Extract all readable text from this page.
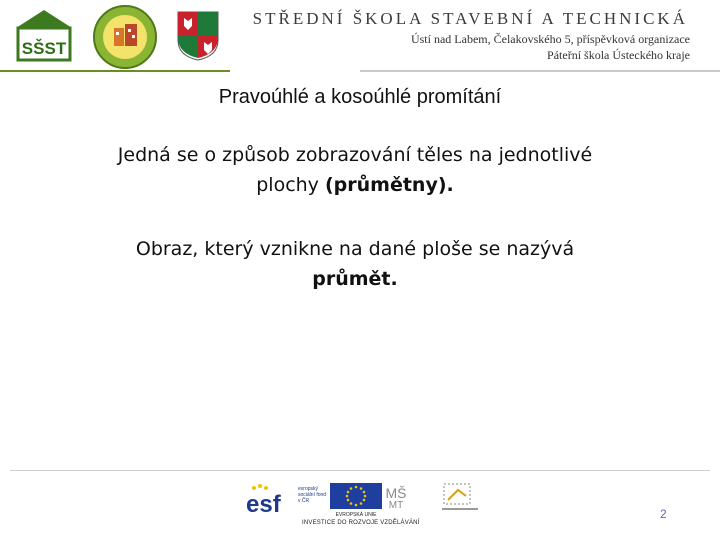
SŠST
STŘEDNÍ ŠKOLA STAVEBNÍ A TECHNICKÁ
Ústí nad Labem, Čelakovského 5, příspěvková organizace
Páteřní škola Ústeckého kraje
Pravoúhlé a kosoúhlé promítání
Jedná se o způsob zobrazování těles na jednotlivé plochy (průmětny).
Obraz, který vznikne na dané ploše se nazývá
průmět.
esf
evropský sociální fond v ČR
EVROPSKÁ UNIE
MŠ
MT
INVESTICE DO ROZVOJE VZDĚLÁVÁNÍ
2
